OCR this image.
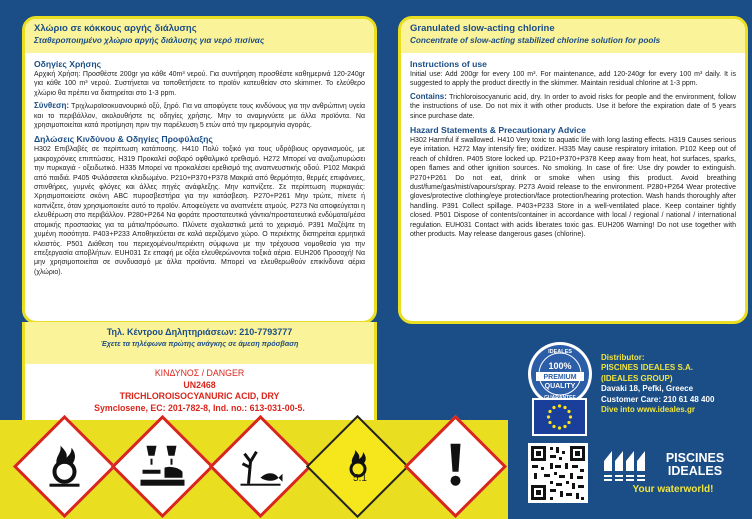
Χλώριο σε κόκκους αργής διάλυσης
Σταθεροποιημένο χλώριο αργής διάλυσης για νερό πισίνας
Οδηγίες Χρήσης
Αρχική Χρήση: Προσθέστε 200gr για κάθε 40m³ νερού. Για συντήρηση προσθέστε καθημερινά 120-240gr για κάθε 100 m³ νερού. Συστήνεται να τοποθετήσετε το προϊόν κατευθείαν στο skimmer. Το ελεύθερο χλώριο θα πρέπει να διατηρείται στο 1-3 ppm.
Σύνθεση: Τριχλωροϊσοκυανουρικό οξύ, ξηρό. Για να αποφύγετε τους κινδύνους για την ανθρώπινη υγεία και το περιβάλλον, ακολουθήστε τις οδηγίες χρήσης. Μην το αναμιγνύετε με άλλα προϊόντα. Να χρησιμοποιείται κατά προτίμηση πριν την παρέλευση 5 ετών από την ημερομηνία αγοράς.
Δηλώσεις Κινδύνου & Οδηγίες Προφύλαξης
H302 Επιβλαβές σε περίπτωση κατάποσης. H410 Πολύ τοξικό για τους υδρόβιους οργανισμούς, με μακροχρόνιες επιπτώσεις. H319 Προκαλεί σοβαρό οφθαλμικό ερεθισμό. H272 Μπορεί να αναζωπυρώσει την πυρκαγιά - οξειδωτικό. H335 Μπορεί να προκαλέσει ερεθισμό της αναπνευστικής οδού. P102 Μακριά από παιδιά. P405 Φυλάσσεται κλειδωμένο. P210+P370+P378 Μακριά από θερμότητα, θερμές επιφάνειες, σπινθήρες, γυμνές φλόγες και άλλες πηγές ανάφλεξης. Μην καπνίζετε. Σε περίπτωση πυρκαγιάς: Χρησιμοποιείστε σκόνη ABC πυροσβεστήρα για την κατάσβεση. P270+P261 Μην τρώτε, πίνετε ή καπνίζετε, όταν χρησιμοποιείτε αυτό το προϊόν. Αποφεύγετε να αναπνέετε ατμούς. P273 Να αποφεύγεται η ελευθέρωση στο περιβάλλον. P280+P264 Να φοράτε προστατευτικά γάντια/προστατευτικά ενδύματα/μέσα ατομικής προστασίας για τα μάτια/πρόσωπο. Πλύνετε σχολαστικά μετά το χειρισμό. P391 Μαζέψτε τη χυμένη ποσότητα. P403+P233 Αποθηκεύεται σε καλά αεριζόμενο χώρο. Ο περιέκτης διατηρείται ερμητικά κλειστός. P501 Διάθεση του περιεχομένου/περιέκτη σύμφωνα με την τρέχουσα νομοθεσία για την επεξεργασία αποβλήτων. EUH031 Σε επαφή με οξέα ελευθερώνονται τοξικά αέρια. EUH206 Προσοχή! Να μην χρησιμοποιείται σε συνδυασμό με άλλα προϊόντα. Μπορεί να ελευθερωθούν επικίνδυνα αέρια (χλώριο).
Granulated slow-acting chlorine
Concentrate of slow-acting stabilized chlorine solution for pools
Instructions of use
Initial use: Add 200gr for every 100 m³. For maintenance, add 120-240gr for every 100 m³ daily. It is suggested to apply the product directly in the skimmer. Maintain residual chlorine at 1-3 ppm.
Contains: Trichloroisocyanuric acid, dry. In order to avoid risks for people and the environment, follow the instructions of use. Do not mix it with other products. Use it before the expiration date of 5 years since purchase date.
Hazard Statements & Precautionary Advice
H302 Harmful if swallowed. H410 Very toxic to aquatic life with long lasting effects. H319 Causes serious eye irritation. H272 May intensify fire; oxidizer. H335 May cause respiratory irritation. P102 Keep out of reach of children. P405 Store locked up. P210+P370+P378 Keep away from heat, hot surfaces, sparks, open flames and other ignition sources. No smoking. In case of fire: Use dry powder to extinguish. P270+P261 Do not eat, drink or smoke when using this product. Avoid breathing dust/fume/gas/mist/vapours/spray. P273 Avoid release to the environment. P280+P264 Wear protective gloves/protective clothing/eye protection/face protection/hearing protection. Wash hands thoroughly after handling. P391 Collect spillage. P403+P233 Store in a well-ventilated place. Keep container tightly closed. P501 Dispose of contents/container in accordance with local / regional / national / international regulation. EUH031 Contact with acids liberates toxic gas. EUH206 Warning! Do not use together with other products. May release dangerous gases (chlorine).
Τηλ. Κέντρου Δηλητηριάσεων: 210-7793777
Έχετε τα τηλέφωνα πρώτης ανάγκης σε άμεση πρόσβαση
ΚΙΝΔΥΝΟΣ / DANGER
UN2468
TRICHLOROISOCYANURIC ACID, DRY
Symclosene, EC: 201-782-8, Ind. no.: 613-031-00-5.
5.1
IDEALES
100%
PREMIUM
QUALITY
Distributor:
PISCINES IDEALES S.A.
(IDEALES GROUP)
Davaki 18, Pefki, Greece
Customer Care: 210 61 48 400
Dive into www.ideales.gr
PISCINES
IDEALES
Your waterworld!
